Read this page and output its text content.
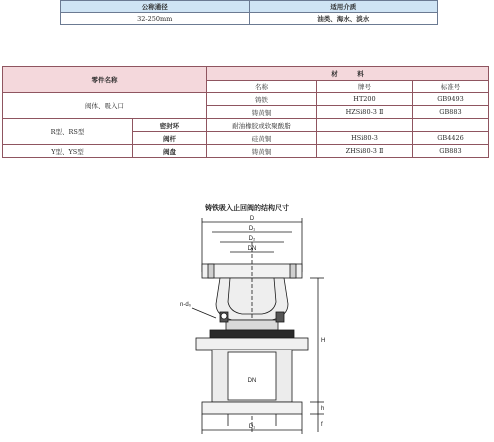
公称通径	适用介质
32-250mm	油类、海水、淡水
零件名称		材　　　料		
		名称	牌号	标准号
阀体、吸入口		铸铁	HT200	GB9493
		铸黄铜	HZSi80-3 Ⅱ	GB883
R型、RS型	密封环	耐油橡胶或软聚酸脂		
	阀杆	硅黄铜	HSi80-3	GB4426
Y型、YS型	阀盘	铸黄铜	ZHSi80-3 Ⅱ	GB883
铸铁吸入止回阀的结构尺寸
D
D₁
D₂
DN
DN
D₁
n-d₀
H
h
f
